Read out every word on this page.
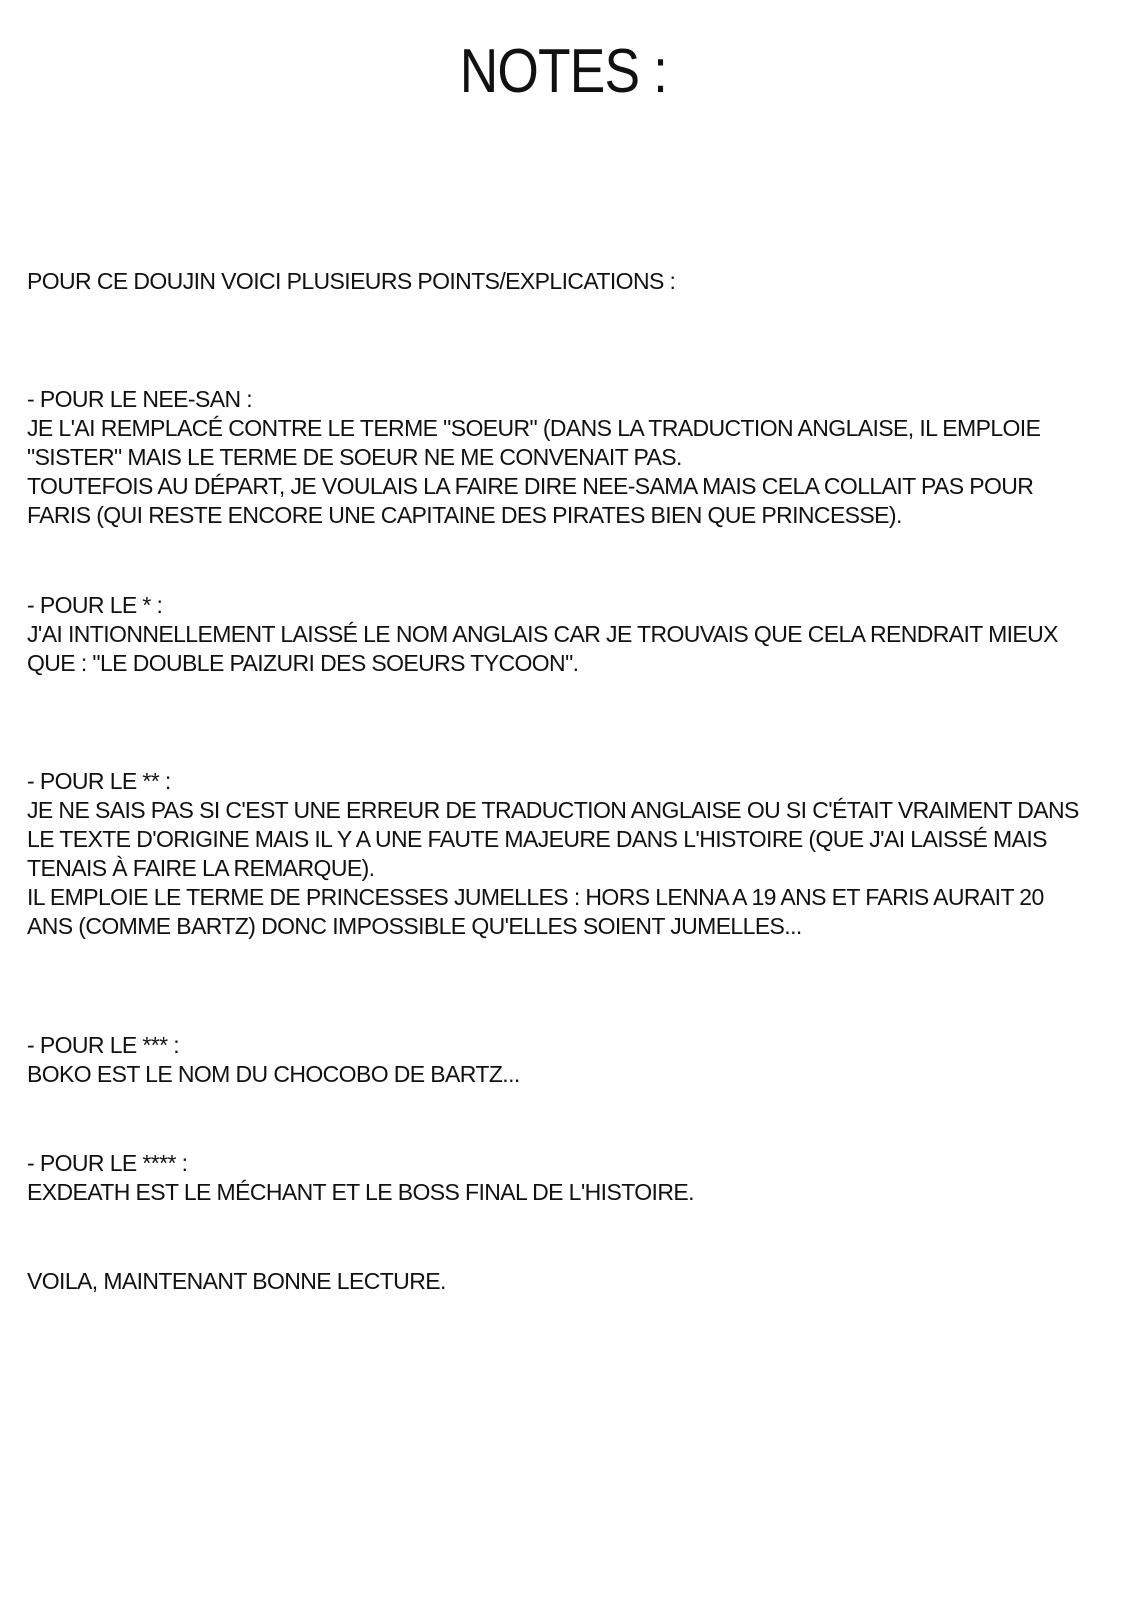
NOTES :

POUR CE DOUJIN VOICI PLUSIEURS POINTS/EXPLICATIONS :

- POUR LE NEE-SAN :

JE L'AI REMPLACÉ CONTRE LE TERME "SOEUR" (DANS LA TRADUCTION ANGLAISE, IL EMPLOIE

"SISTER" MAIS LE TERME DE SOEUR NE ME CONVENAIT PAS.

TOUTEFOIS AU DÉPART, JE VOULAIS LA FAIRE DIRE NEE-SAMA MAIS CELA COLLAIT PAS POUR

FARIS (QUI RESTE ENCORE UNE CAPITAINE DES PIRATES BIEN QUE PRINCESSE).

- POUR LE * :

J'AI INTIONNELLEMENT LAISSÉ LE NOM ANGLAIS CAR JE TROUVAIS QUE CELA RENDRAIT MIEUX

QUE : "LE DOUBLE PAIZURI DES SOEURS TYCOON".

- POUR LE ** :

JE NE SAIS PAS SI C'EST UNE ERREUR DE TRADUCTION ANGLAISE OU SI C'ÉTAIT VRAIMENT DANS

LE TEXTE D'ORIGINE MAIS IL Y A UNE FAUTE MAJEURE DANS L'HISTOIRE (QUE J'AI LAISSÉ MAIS

TENAIS À FAIRE LA REMARQUE).

IL EMPLOIE LE TERME DE PRINCESSES JUMELLES : HORS LENNA A 19 ANS ET FARIS AURAIT 20

ANS (COMME BARTZ) DONC IMPOSSIBLE QU'ELLES SOIENT JUMELLES...

- POUR LE *** :

BOKO EST LE NOM DU CHOCOBO DE BARTZ...

- POUR LE **** :

EXDEATH EST LE MÉCHANT ET LE BOSS FINAL DE L'HISTOIRE.

VOILA, MAINTENANT BONNE LECTURE.
